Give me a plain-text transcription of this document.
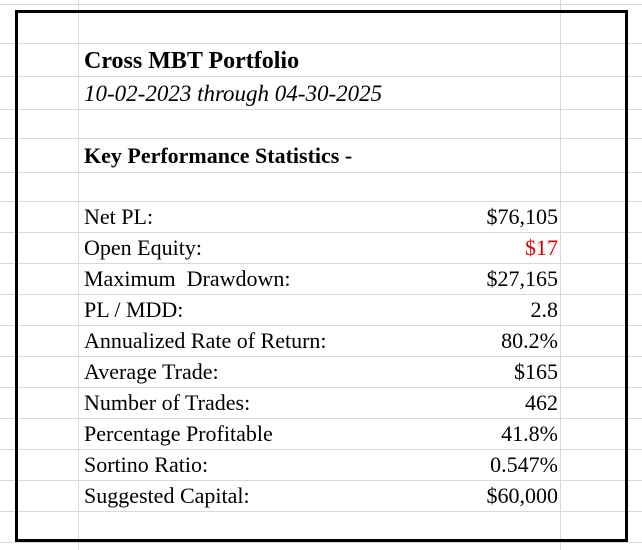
Cross MBT Portfolio
10-02-2023 through 04-30-2025
Key Performance Statistics -
Net PL:	$76,105
Open Equity:	$17
Maximum  Drawdown:	$27,165
PL / MDD:	2.8
Annualized Rate of Return:	80.2%
Average Trade:	$165
Number of Trades:	462
Percentage Profitable	41.8%
Sortino Ratio:	0.547%
Suggested Capital:	$60,000
